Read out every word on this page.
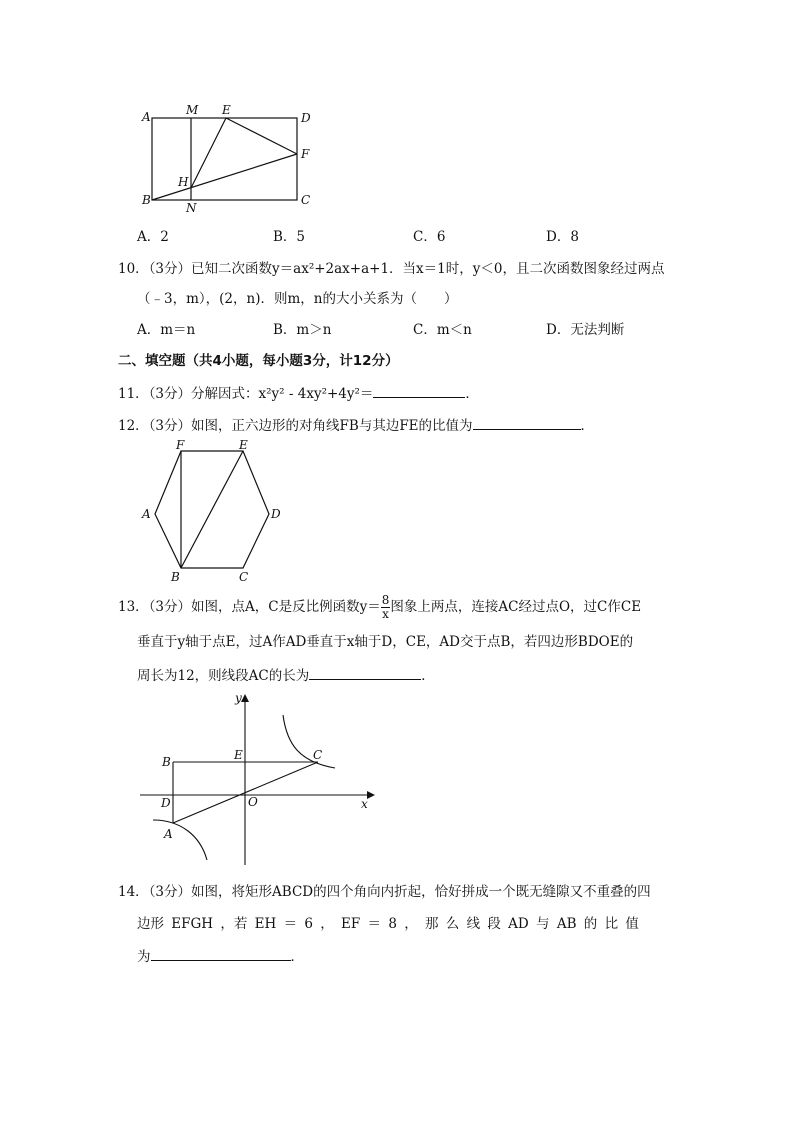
A	M E
D
F
H
B
N
C
A．2	B．5	C．6	D．8
10．（3分）已知二次函数y＝ax²+2ax+a+1．当x＝1时，y＜0，且二次函数图象经过两点
（﹣3，m），(2，n)．则m，n的大小关系为（　　）
A．m＝n	B．m＞n	C．m＜n	D．无法判断
二、填空题（共4小题，每小题3分，计12分）
11．（3分）分解因式：x²y² - 4xy²+4y²＝	．
12．（3分）如图，正六边形的对角线FB与其边FE的比值为	．
F	E
A	D
B	C
13．（3分）如图，点A，C是反比例函数$y= \frac{8}{x}$ 图象上两点，连接AC经过点O，过C作CE
垂直于y轴于点E，过A作AD垂直于x轴于D，CE，AD交于点B，若四边形BDOE的
周长为12，则线段AC的长为	．
y
x
O
B	E	C
D
A
14．（3分）如图，将矩形ABCD的四个角向内折起，恰好拼成一个既无缝隙又不重叠的四
边形 EFGH ，若 EH ＝ 6 ， EF ＝ 8 ， 那 么 线 段 AD 与 AB 的 比 值
为	．
